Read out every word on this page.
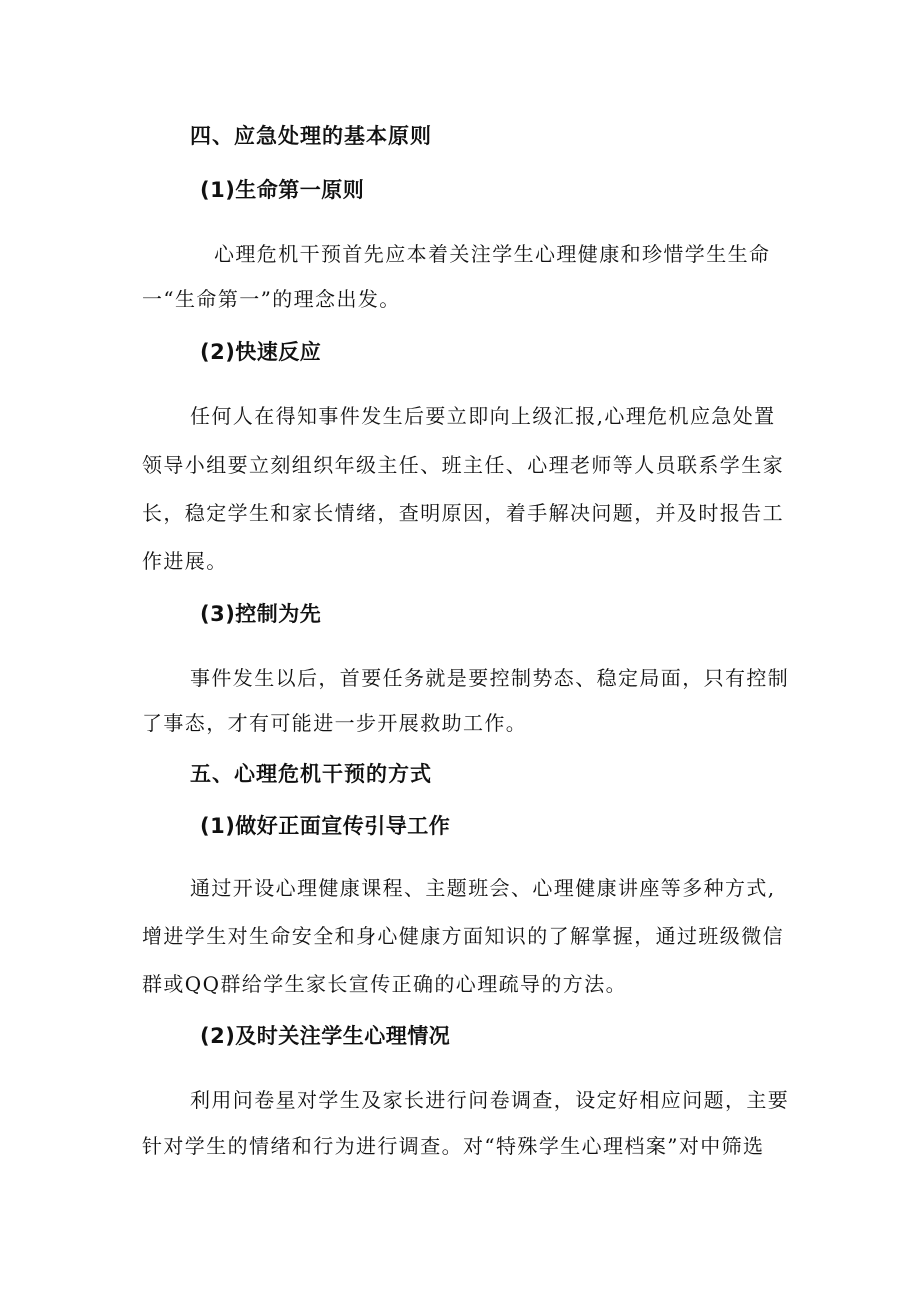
四、应急处理的基本原则
(1)生命第一原则
心理危机干预首先应本着关注学生心理健康和珍惜学生生命
一“生命第一”的理念出发。
(2)快速反应
任何人在得知事件发生后要立即向上级汇报,心理危机应急处置
领导小组要立刻组织年级主任、班主任、心理老师等人员联系学生家
长，稳定学生和家长情绪，查明原因，着手解决问题，并及时报告工
作进展。
(3)控制为先
事件发生以后，首要任务就是要控制势态、稳定局面，只有控制
了事态，才有可能进一步开展救助工作。
五、心理危机干预的方式
(1)做好正面宣传引导工作
通过开设心理健康课程、主题班会、心理健康讲座等多种方式,
增进学生对生命安全和身心健康方面知识的了解掌握，通过班级微信
群或QQ群给学生家长宣传正确的心理疏导的方法。
(2)及时关注学生心理情况
利用问卷星对学生及家长进行问卷调查，设定好相应问题，主要
针对学生的情绪和行为进行调查。对“特殊学生心理档案”对中筛选
